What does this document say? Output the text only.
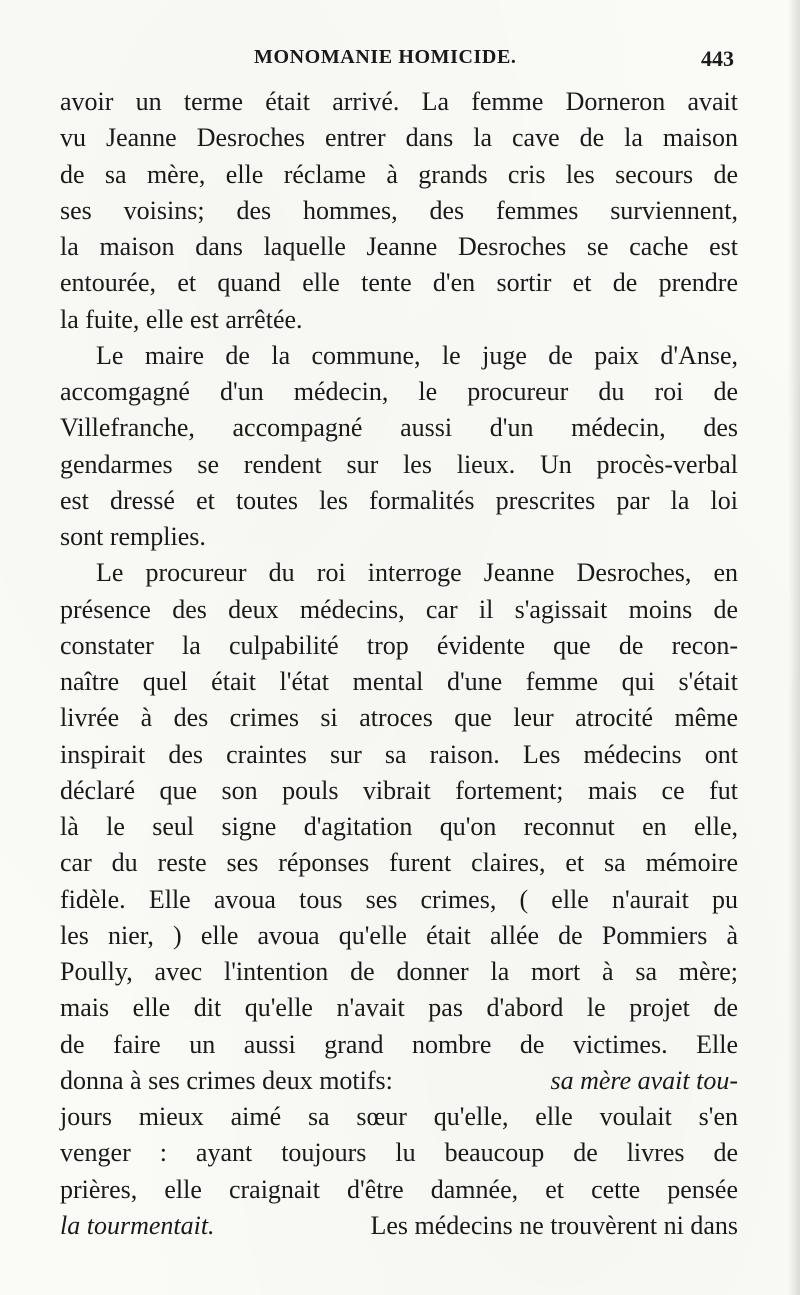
MONOMANIE HOMICIDE.	443
avoir un terme était arrivé. La femme Dorneron avait
vu Jeanne Desroches entrer dans la cave de la maison
de sa mère, elle réclame à grands cris les secours de
ses voisins; des hommes, des femmes surviennent,
la maison dans laquelle Jeanne Desroches se cache est
entourée, et quand elle tente d'en sortir et de prendre
la fuite, elle est arrêtée.
Le maire de la commune, le juge de paix d'Anse,
accomgagné d'un médecin, le procureur du roi de
Villefranche, accompagné aussi d'un médecin, des
gendarmes se rendent sur les lieux. Un procès-verbal
est dressé et toutes les formalités prescrites par la loi
sont remplies.
Le procureur du roi interroge Jeanne Desroches, en
présence des deux médecins, car il s'agissait moins de
constater la culpabilité trop évidente que de recon-
naître quel était l'état mental d'une femme qui s'était
livrée à des crimes si atroces que leur atrocité même
inspirait des craintes sur sa raison. Les médecins ont
déclaré que son pouls vibrait fortement; mais ce fut
là le seul signe d'agitation qu'on reconnut en elle,
car du reste ses réponses furent claires, et sa mémoire
fidèle. Elle avoua tous ses crimes, ( elle n'aurait pu
les nier, ) elle avoua qu'elle était allée de Pommiers à
Poully, avec l'intention de donner la mort à sa mère;
mais elle dit qu'elle n'avait pas d'abord le projet de
de faire un aussi grand nombre de victimes. Elle
donna à ses crimes deux motifs:	sa mère avait tou-
jours mieux aimé sa sœur qu'elle, elle voulait s'en
venger : ayant toujours lu beaucoup de livres de
prières, elle craignait d'être damnée, et cette pensée
la tourmentait.	Les médecins ne trouvèrent ni dans
